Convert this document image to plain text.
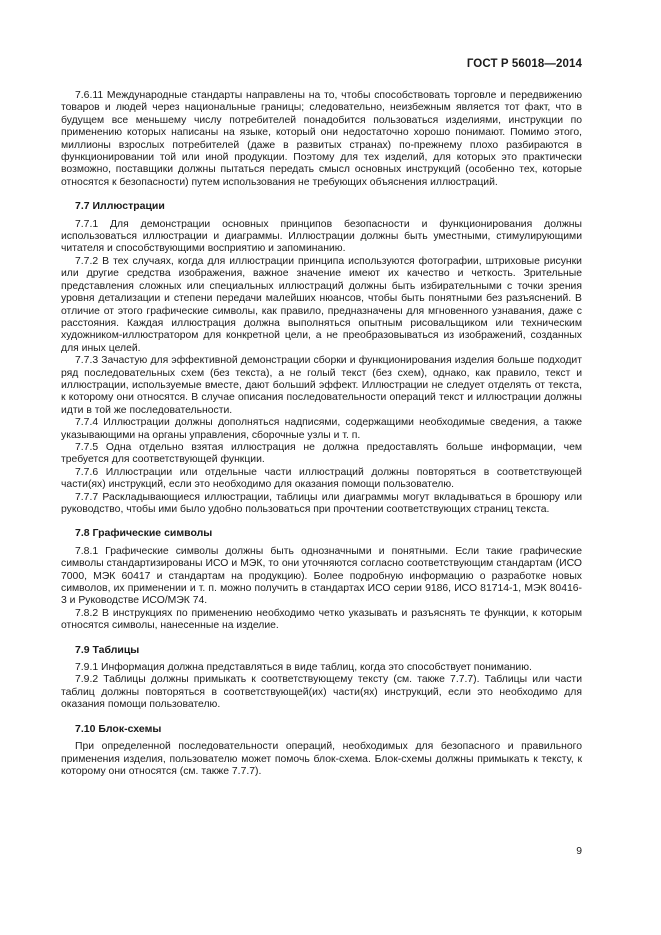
ГОСТ Р 56018—2014

7.6.11 Международные стандарты направлены на то, чтобы способствовать торговле и передвижению товаров и людей через национальные границы; следовательно, неизбежным является тот факт, что в будущем все меньшему числу потребителей понадобится пользоваться изделиями, инструкции по применению которых написаны на языке, который они недостаточно хорошо понимают. Помимо этого, миллионы взрослых потребителей (даже в развитых странах) по-прежнему плохо разбираются в функционировании той или иной продукции. Поэтому для тех изделий, для которых это практически возможно, поставщики должны пытаться передать смысл основных инструкций (особенно тех, которые относятся к безопасности) путем использования не требующих объяснения иллюстраций.

7.7 Иллюстрации

7.7.1 Для демонстрации основных принципов безопасности и функционирования должны использоваться иллюстрации и диаграммы. Иллюстрации должны быть уместными, стимулирующими читателя и способствующими восприятию и запоминанию.

7.7.2 В тех случаях, когда для иллюстрации принципа используются фотографии, штриховые рисунки или другие средства изображения, важное значение имеют их качество и четкость. Зрительные представления сложных или специальных иллюстраций должны быть избирательными с точки зрения уровня детализации и степени передачи малейших нюансов, чтобы быть понятными без разъяснений. В отличие от этого графические символы, как правило, предназначены для мгновенного узнавания, даже с расстояния. Каждая иллюстрация должна выполняться опытным рисовальщиком или техническим художником-иллюстратором для конкретной цели, а не преобразовываться из изображений, созданных для иных целей.

7.7.3 Зачастую для эффективной демонстрации сборки и функционирования изделия больше подходит ряд последовательных схем (без текста), а не голый текст (без схем), однако, как правило, текст и иллюстрации, используемые вместе, дают больший эффект. Иллюстрации не следует отделять от текста, к которому они относятся. В случае описания последовательности операций текст и иллюстрации должны идти в той же последовательности.

7.7.4 Иллюстрации должны дополняться надписями, содержащими необходимые сведения, а также указывающими на органы управления, сборочные узлы и т. п.

7.7.5 Одна отдельно взятая иллюстрация не должна предоставлять больше информации, чем требуется для соответствующей функции.

7.7.6 Иллюстрации или отдельные части иллюстраций должны повторяться в соответствующей части(ях) инструкций, если это необходимо для оказания помощи пользователю.

7.7.7 Раскладывающиеся иллюстрации, таблицы или диаграммы могут вкладываться в брошюру или руководство, чтобы ими было удобно пользоваться при прочтении соответствующих страниц текста.

7.8 Графические символы

7.8.1 Графические символы должны быть однозначными и понятными. Если такие графические символы стандартизированы ИСО и МЭК, то они уточняются согласно соответствующим стандартам (ИСО 7000, МЭК 60417 и стандартам на продукцию). Более подробную информацию о разработке новых символов, их применении и т. п. можно получить в стандартах ИСО серии 9186, ИСО 81714-1, МЭК 80416-3 и Руководстве ИСО/МЭК 74.

7.8.2 В инструкциях по применению необходимо четко указывать и разъяснять те функции, к которым относятся символы, нанесенные на изделие.

7.9 Таблицы

7.9.1 Информация должна представляться в виде таблиц, когда это способствует пониманию.

7.9.2 Таблицы должны примыкать к соответствующему тексту (см. также 7.7.7). Таблицы или части таблиц должны повторяться в соответствующей(их) части(ях) инструкций, если это необходимо для оказания помощи пользователю.

7.10 Блок-схемы

При определенной последовательности операций, необходимых для безопасного и правильного применения изделия, пользователю может помочь блок-схема. Блок-схемы должны примыкать к тексту, к которому они относятся (см. также 7.7.7).

9
